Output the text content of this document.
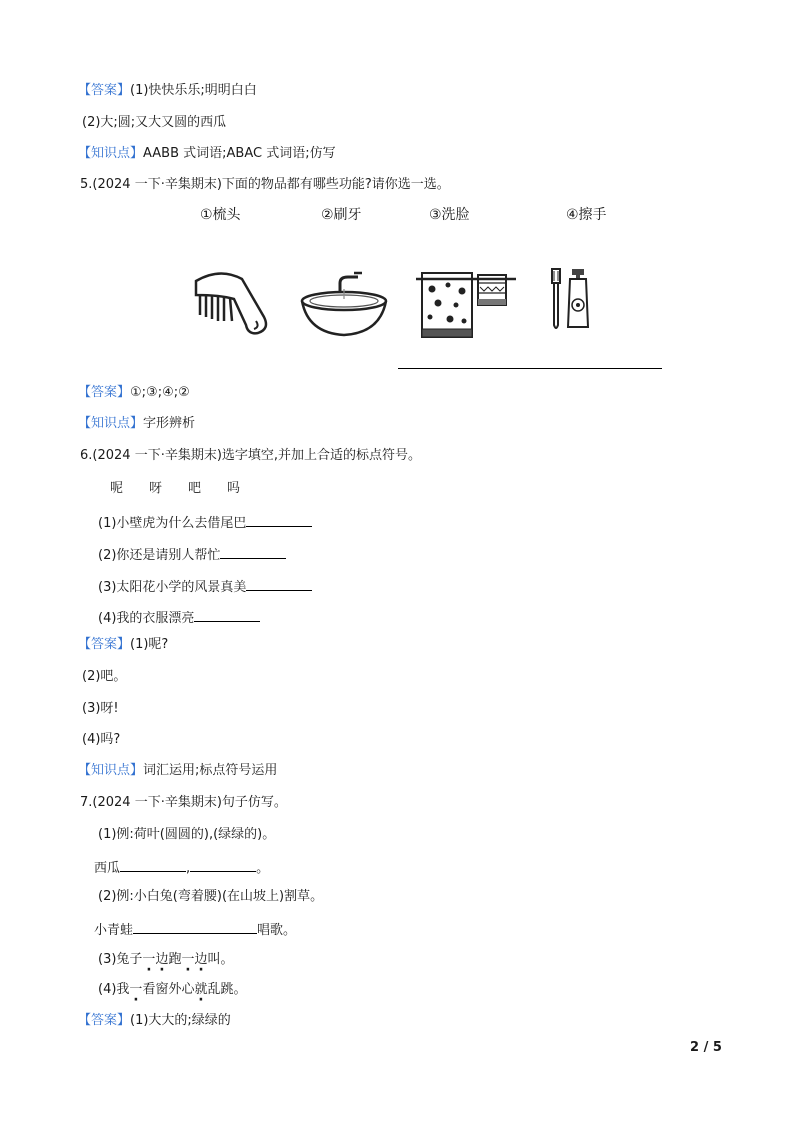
【答案】(1)快快乐乐;明明白白
(2)大;圆;又大又圆的西瓜
【知识点】AABB 式词语;ABAC 式词语;仿写
5.(2024 一下·辛集期末)下面的物品都有哪些功能?请你选一选。
①梳头	②刷牙	③洗脸	④擦手
【答案】①;③;④;②
【知识点】字形辨析
6.(2024 一下·辛集期末)选字填空,并加上合适的标点符号。
呢 呀 吧 吗
(1)小壁虎为什么去借尾巴
(2)你还是请别人帮忙
(3)太阳花小学的风景真美
(4)我的衣服漂亮
【答案】(1)呢?
(2)吧。
(3)呀!
(4)吗?
【知识点】词汇运用;标点符号运用
7.(2024 一下·辛集期末)句子仿写。
(1)例:荷叶(圆圆的),(绿绿的)。
西瓜	,	。
(2)例:小白兔(弯着腰)(在山坡上)割草。
小青蛙	唱歌。
(3)兔子一边跑一边叫。
(4)我一看窗外心就乱跳。
【答案】(1)大大的;绿绿的
2 / 5
